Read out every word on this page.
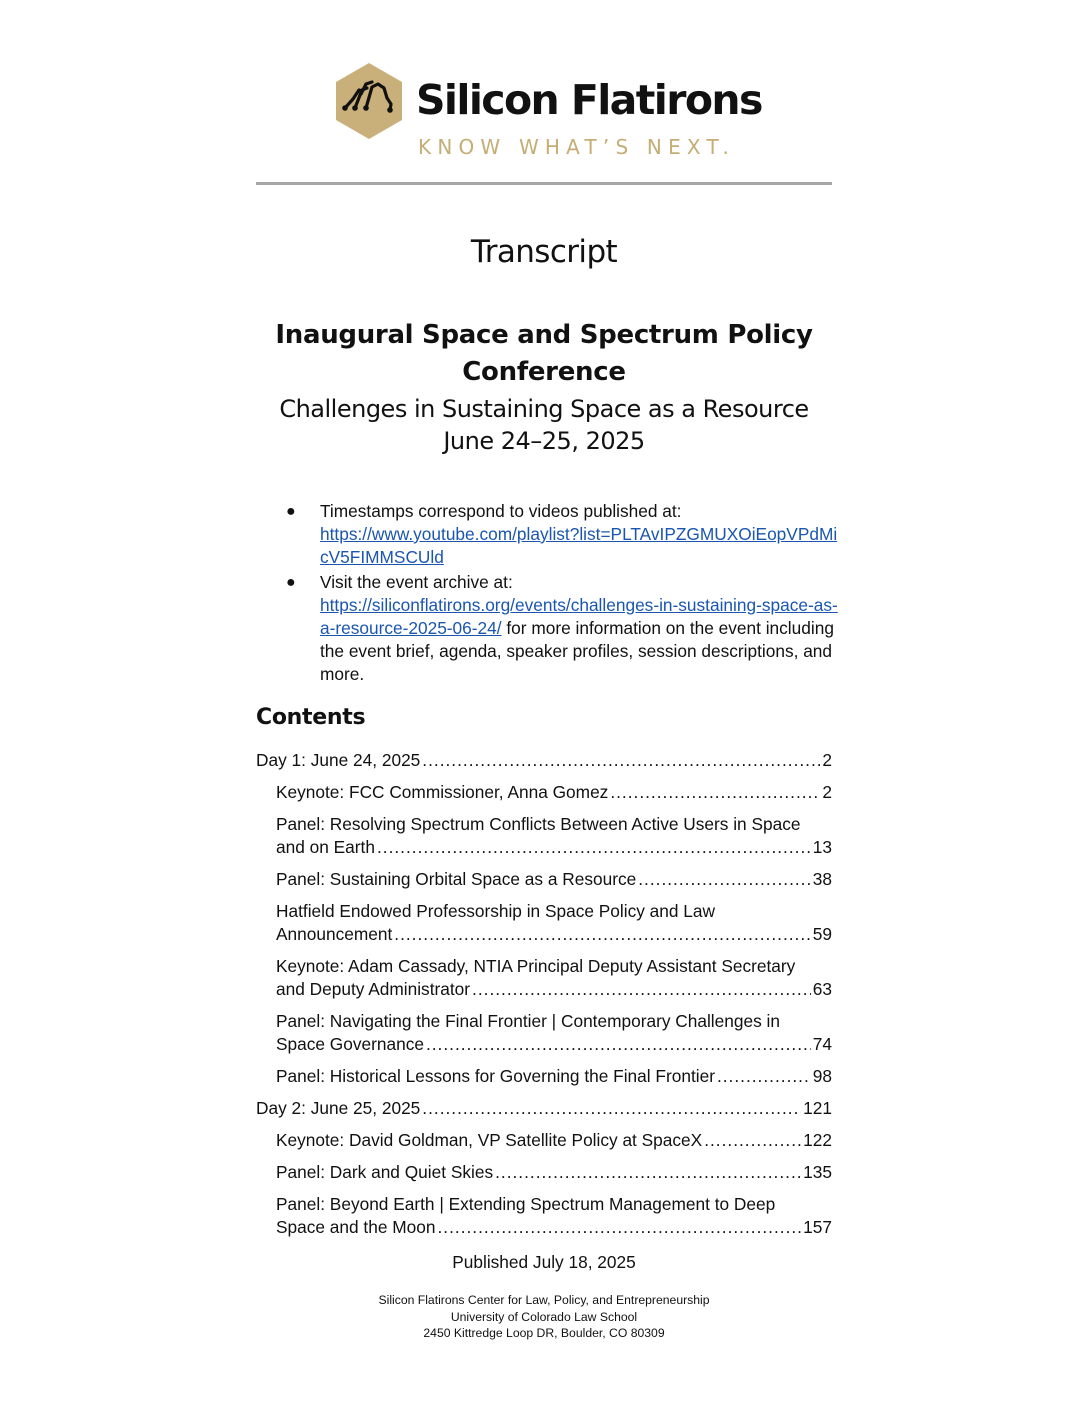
Silicon Flatirons
KNOW WHAT’S NEXT.
Transcript
Inaugural Space and Spectrum Policy
Conference
Challenges in Sustaining Space as a Resource
June 24–25, 2025
● Timestamps correspond to videos published at:
https://www.youtube.com/playlist?list=PLTAvIPZGMUXOiEopVPdMicV5FIMMSCUld
● Visit the event archive at:
https://siliconflatirons.org/events/challenges-in-sustaining-space-as-a-resource-2025-06-24/ for more information on the event including the event brief, agenda, speaker profiles, session descriptions, and more.
Contents
Day 1: June 24, 2025 .....	2
Keynote: FCC Commissioner, Anna Gomez .....	2
Panel: Resolving Spectrum Conflicts Between Active Users in Space
and on Earth .....	13
Panel: Sustaining Orbital Space as a Resource .....	38
Hatfield Endowed Professorship in Space Policy and Law
Announcement .....	59
Keynote: Adam Cassady, NTIA Principal Deputy Assistant Secretary
and Deputy Administrator .....	63
Panel: Navigating the Final Frontier | Contemporary Challenges in
Space Governance .....	74
Panel: Historical Lessons for Governing the Final Frontier .....	98
Day 2: June 25, 2025 .....	121
Keynote: David Goldman, VP Satellite Policy at SpaceX .....	122
Panel: Dark and Quiet Skies .....	135
Panel: Beyond Earth | Extending Spectrum Management to Deep
Space and the Moon .....	157
Published July 18, 2025
Silicon Flatirons Center for Law, Policy, and Entrepreneurship
University of Colorado Law School
2450 Kittredge Loop DR, Boulder, CO 80309
